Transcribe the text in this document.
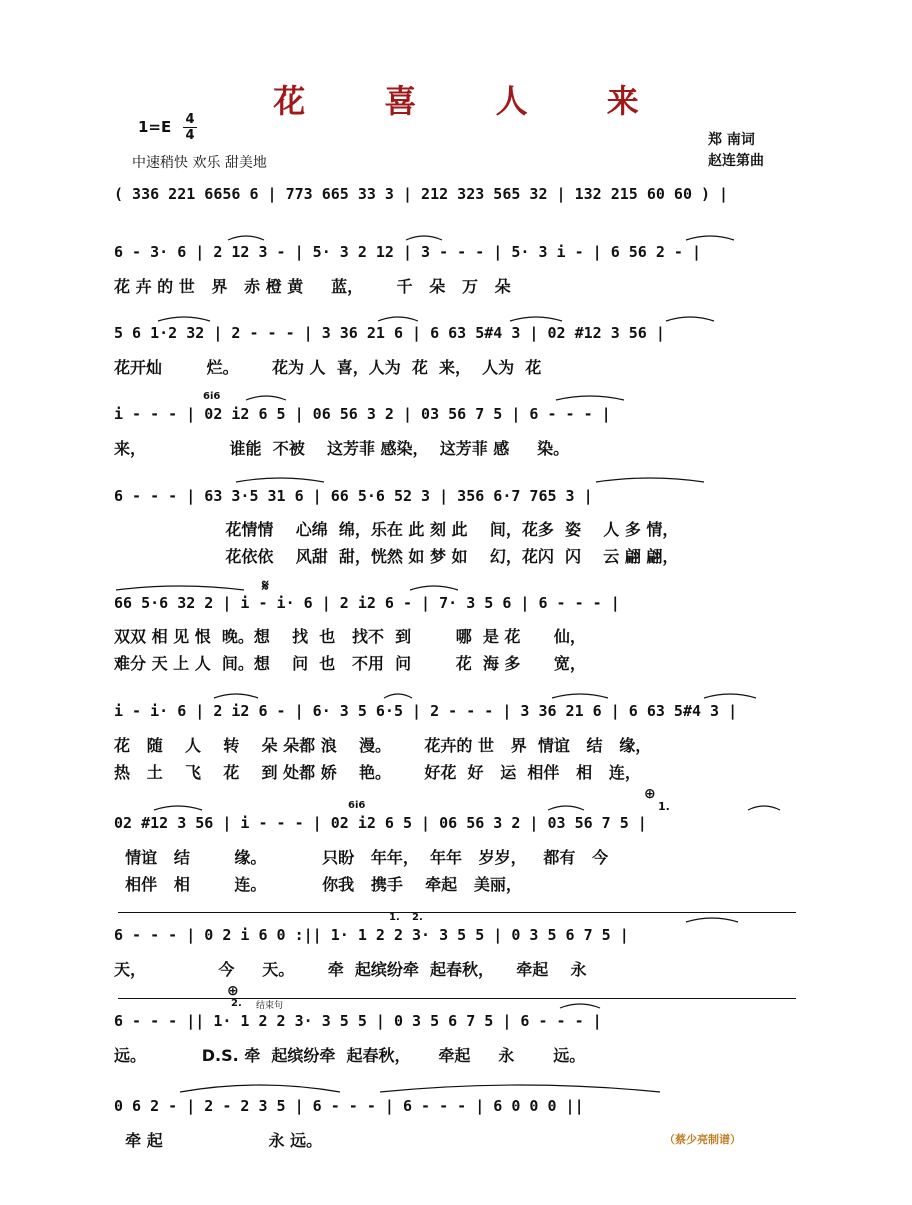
花 喜 人 来
1=E 4
4
中速稍快 欢乐 甜美地
郑 南词
赵连第曲
( 336 221 6656 6 | 773 665 33 3 | 212 323 565 32 | 132 215 60 60 ) |
6 - 3· 6 | 2 12 3 - | 5· 3 2 12 | 3 - - - | 5· 3 i - | 6 56 2 - |
花 卉 的 世   界   赤 橙 黄     蓝，      千   朵   万   朵
5 6 1·2 32 | 2 - - - | 3 36 21 6 | 6 63 5#4 3 | 02 #12 3 56 |
花开灿        烂。      花为 人  喜，人为  花  来，  人为  花
i - - - | 02 i2 6 5 | 06 56 3 2 | 03 56 7 5 | 6 - - - |
来，               谁能  不被    这芳菲 感染，  这芳菲 感     染。
6i6
6 - - - | 63 3·5 31 6 | 66 5·6 52 3 | 356 6·7 765 3 |
花情情    心绵  绵，乐在 此 刻 此    间，花多  姿    人 多 情，
花依依    风甜  甜，恍然 如 梦 如    幻，花闪  闪    云 翩 翩，
66 5·6 32 2 | i - i· 6 | 2 i2 6 - | 7· 3 5 6 | 6 - - - |
双双 相 见 恨  晚。想    找  也   找不  到        哪  是 花      仙，
难分 天 上 人  间。想    问  也   不用  问        花  海 多      宽，
𝄋
i - i· 6 | 2 i2 6 - | 6· 3 5 6·5 | 2 - - - | 3 36 21 6 | 6 63 5#4 3 |
花   随    人    转    朵 朵都 浪    漫。      花卉的 世   界  情谊   结   缘，
热   土    飞    花    到 处都 娇    艳。      好花  好   运  相伴   相   连，
02 #12 3 56 | i - - - | 02 i2 6 5 | 06 56 3 2 | 03 56 7 5 |
情谊   结        缘。          只盼   年年，  年年   岁岁，   都有   今
相伴   相        连。          你我   携手    牵起   美丽，
6i6
⊕
1.
6 - - - | 0 2 i 6 0 :|| 1· 1 2 2 3· 3 5 5 | 0 3 5 6 7 5 |
天，             今     天。      牵  起缤纷牵  起春秋，    牵起    永
1. 2.
⊕
2. 结束句
6 - - - || 1· 1 2 2 3· 3 5 5 | 0 3 5 6 7 5 | 6 - - - |
远。          D.S. 牵  起缤纷牵  起春秋，     牵起     永       远。
0 6 2 - | 2 - 2 3 5 | 6 - - - | 6 - - - | 6 0 0 0 ||
牵 起                   永 远。	（蔡少亮制谱）
